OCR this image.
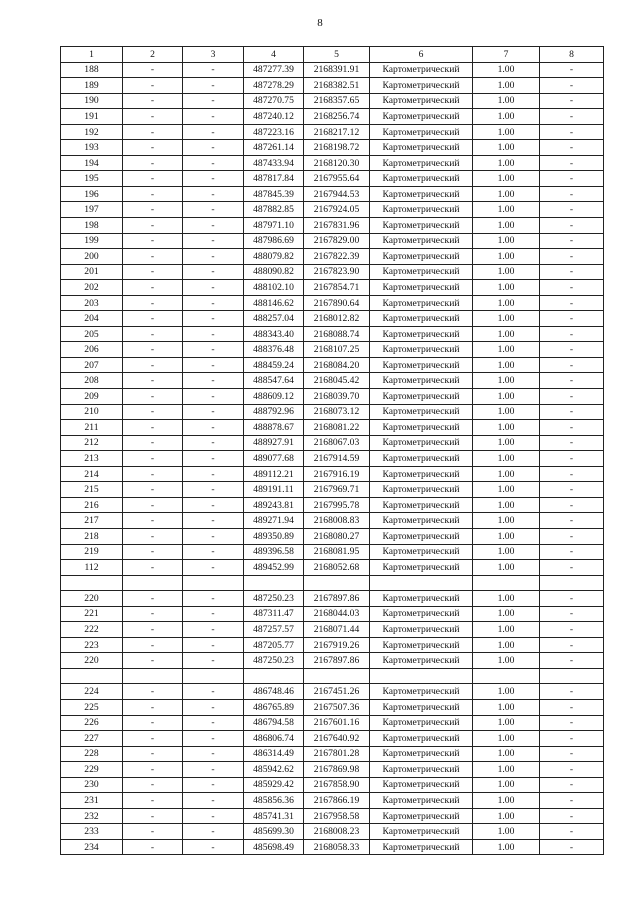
8
1	2	3	4	5	6	7	8
188	-	-	487277.39	2168391.91	Картометрический	1.00	-
189	-	-	487278.29	2168382.51	Картометрический	1.00	-
190	-	-	487270.75	2168357.65	Картометрический	1.00	-
191	-	-	487240.12	2168256.74	Картометрический	1.00	-
192	-	-	487223.16	2168217.12	Картометрический	1.00	-
193	-	-	487261.14	2168198.72	Картометрический	1.00	-
194	-	-	487433.94	2168120.30	Картометрический	1.00	-
195	-	-	487817.84	2167955.64	Картометрический	1.00	-
196	-	-	487845.39	2167944.53	Картометрический	1.00	-
197	-	-	487882.85	2167924.05	Картометрический	1.00	-
198	-	-	487971.10	2167831.96	Картометрический	1.00	-
199	-	-	487986.69	2167829.00	Картометрический	1.00	-
200	-	-	488079.82	2167822.39	Картометрический	1.00	-
201	-	-	488090.82	2167823.90	Картометрический	1.00	-
202	-	-	488102.10	2167854.71	Картометрический	1.00	-
203	-	-	488146.62	2167890.64	Картометрический	1.00	-
204	-	-	488257.04	2168012.82	Картометрический	1.00	-
205	-	-	488343.40	2168088.74	Картометрический	1.00	-
206	-	-	488376.48	2168107.25	Картометрический	1.00	-
207	-	-	488459.24	2168084.20	Картометрический	1.00	-
208	-	-	488547.64	2168045.42	Картометрический	1.00	-
209	-	-	488609.12	2168039.70	Картометрический	1.00	-
210	-	-	488792.96	2168073.12	Картометрический	1.00	-
211	-	-	488878.67	2168081.22	Картометрический	1.00	-
212	-	-	488927.91	2168067.03	Картометрический	1.00	-
213	-	-	489077.68	2167914.59	Картометрический	1.00	-
214	-	-	489112.21	2167916.19	Картометрический	1.00	-
215	-	-	489191.11	2167969.71	Картометрический	1.00	-
216	-	-	489243.81	2167995.78	Картометрический	1.00	-
217	-	-	489271.94	2168008.83	Картометрический	1.00	-
218	-	-	489350.89	2168080.27	Картометрический	1.00	-
219	-	-	489396.58	2168081.95	Картометрический	1.00	-
112	-	-	489452.99	2168052.68	Картометрический	1.00	-

220	-	-	487250.23	2167897.86	Картометрический	1.00	-
221	-	-	487311.47	2168044.03	Картометрический	1.00	-
222	-	-	487257.57	2168071.44	Картометрический	1.00	-
223	-	-	487205.77	2167919.26	Картометрический	1.00	-
220	-	-	487250.23	2167897.86	Картометрический	1.00	-

224	-	-	486748.46	2167451.26	Картометрический	1.00	-
225	-	-	486765.89	2167507.36	Картометрический	1.00	-
226	-	-	486794.58	2167601.16	Картометрический	1.00	-
227	-	-	486806.74	2167640.92	Картометрический	1.00	-
228	-	-	486314.49	2167801.28	Картометрический	1.00	-
229	-	-	485942.62	2167869.98	Картометрический	1.00	-
230	-	-	485929.42	2167858.90	Картометрический	1.00	-
231	-	-	485856.36	2167866.19	Картометрический	1.00	-
232	-	-	485741.31	2167958.58	Картометрический	1.00	-
233	-	-	485699.30	2168008.23	Картометрический	1.00	-
234	-	-	485698.49	2168058.33	Картометрический	1.00	-
